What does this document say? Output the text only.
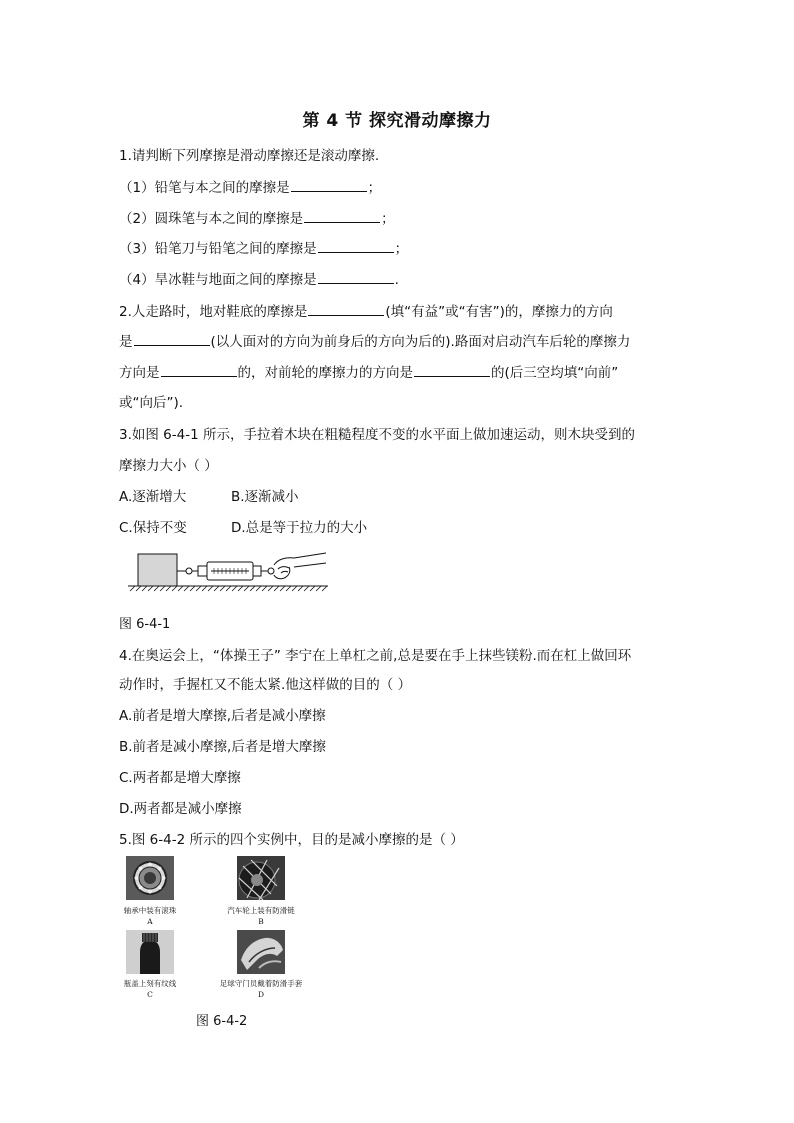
第 4 节 探究滑动摩擦力
1.请判断下列摩擦是滑动摩擦还是滚动摩擦.
（1）铅笔与本之间的摩擦是	；
（2）圆珠笔与本之间的摩擦是	；
（3）铅笔刀与铅笔之间的摩擦是	；
（4）旱冰鞋与地面之间的摩擦是	.
2.人走路时，地对鞋底的摩擦是	(填“有益”或“有害”)的，摩擦力的方向
是	(以人面对的方向为前身后的方向为后的).路面对启动汽车后轮的摩擦力
方向是	的，对前轮的摩擦力的方向是	的(后三空均填“向前”
或“向后”).
3.如图 6-4-1 所示，手拉着木块在粗糙程度不变的水平面上做加速运动，则木块受到的
摩擦力大小（ ）
A.逐渐增大	B.逐渐减小
C.保持不变	D.总是等于拉力的大小
图 6-4-1
4.在奥运会上，“体操王子” 李宁在上单杠之前,总是要在手上抹些镁粉.而在杠上做回环
动作时，手握杠又不能太紧.他这样做的目的（ ）
A.前者是增大摩擦,后者是减小摩擦
B.前者是减小摩擦,后者是增大摩擦
C.两者都是增大摩擦
D.两者都是减小摩擦
5.图 6-4-2 所示的四个实例中，目的是减小摩擦的是（ ）
轴承中装有滚珠
A
汽车轮上装有防滑链
B
瓶盖上刻有纹线
C
足球守门员戴着防滑手套
D
图 6-4-2
